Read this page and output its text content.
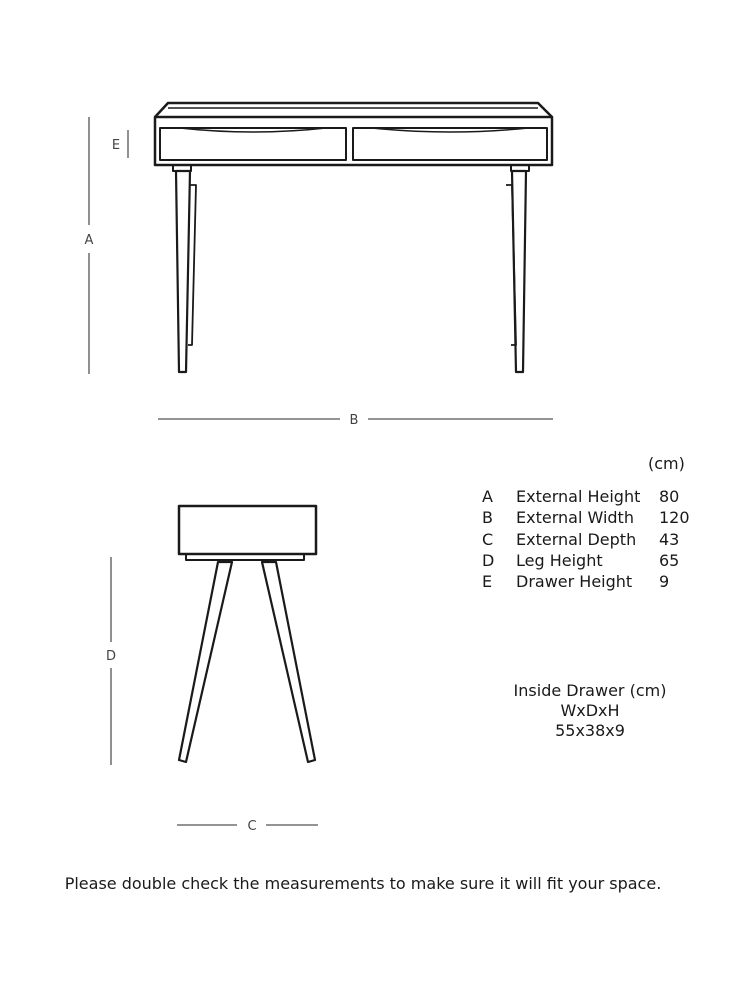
A
E
B
D
C
(cm)
A	External Height	80
B	External Width	120
C	External Depth	43
D	Leg Height	65
E	Drawer Height	9
Inside Drawer (cm)
WxDxH
55x38x9
Please double check the measurements to make sure it will fit your space.
